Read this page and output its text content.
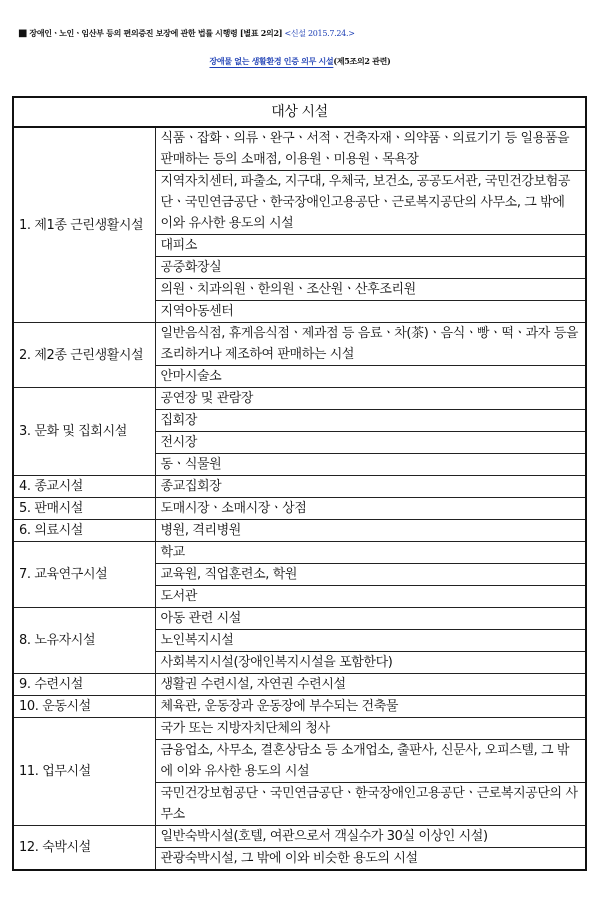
■ 장애인ㆍ노인ㆍ임산부 등의 편의증진 보장에 관한 법률 시행령 [별표 2의2] <신설 2015.7.24.>
장애물 없는 생활환경 인증 의무 시설(제5조의2 관련)
대상 시설	
1. 제1종 근린생활시설	식품ㆍ잡화ㆍ의류ㆍ완구ㆍ서적ㆍ건축자재ㆍ의약품ㆍ의료기기 등 일용품을 판매하는 등의 소매점, 이용원ㆍ미용원ㆍ목욕장
	지역자치센터, 파출소, 지구대, 우체국, 보건소, 공공도서관, 국민건강보험공단ㆍ국민연금공단ㆍ한국장애인고용공단ㆍ근로복지공단의 사무소, 그 밖에 이와 유사한 용도의 시설
	대피소
	공중화장실
	의원ㆍ치과의원ㆍ한의원ㆍ조산원ㆍ산후조리원
	지역아동센터
2. 제2종 근린생활시설	일반음식점, 휴게음식점ㆍ제과점 등 음료ㆍ차(茶)ㆍ음식ㆍ빵ㆍ떡ㆍ과자 등을 조리하거나 제조하여 판매하는 시설
	안마시술소
3. 문화 및 집회시설	공연장 및 관람장
	집회장
	전시장
	동ㆍ식물원
4. 종교시설	종교집회장
5. 판매시설	도매시장ㆍ소매시장ㆍ상점
6. 의료시설	병원, 격리병원
7. 교육연구시설	학교
	교육원, 직업훈련소, 학원
	도서관
8. 노유자시설	아동 관련 시설
	노인복지시설
	사회복지시설(장애인복지시설을 포함한다)
9. 수련시설	생활권 수련시설, 자연권 수련시설
10. 운동시설	체육관, 운동장과 운동장에 부수되는 건축물
11. 업무시설	국가 또는 지방자치단체의 청사
	금융업소, 사무소, 결혼상담소 등 소개업소, 출판사, 신문사, 오피스텔, 그 밖에 이와 유사한 용도의 시설
	국민건강보험공단ㆍ국민연금공단ㆍ한국장애인고용공단ㆍ근로복지공단의 사무소
12. 숙박시설	일반숙박시설(호텔, 여관으로서 객실수가 30실 이상인 시설)
	관광숙박시설, 그 밖에 이와 비슷한 용도의 시설
